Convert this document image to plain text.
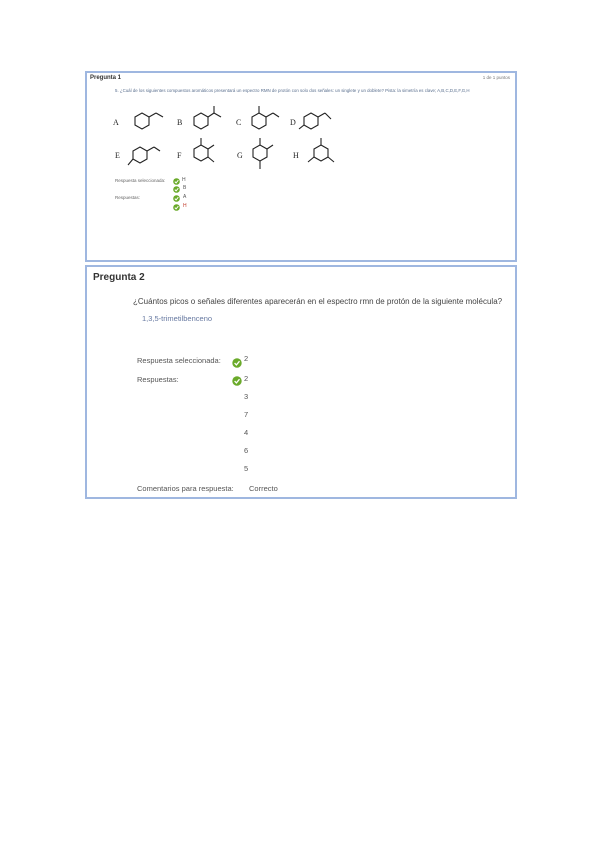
Pregunta 1	1 de 1 puntos
5. ¿Cuál de los siguientes compuestos aromáticos presentará un espectro RMN de protón con solo dos señales: un singlete y un doblete? Pista: la simetría es clave; A,B,C,D,E,F,G,H
A	B	C	D
E	F	G	H
Respuesta seleccionada:	H
Respuestas:
B
A
H
Pregunta 2
¿Cuántos picos o señales diferentes aparecerán en el espectro rmn de protón de la siguiente molécula?
1,3,5-trimetilbenceno
Respuesta seleccionada:	2
Respuestas:	2
3
7
4
6
5
Comentarios para respuesta: Correcto
